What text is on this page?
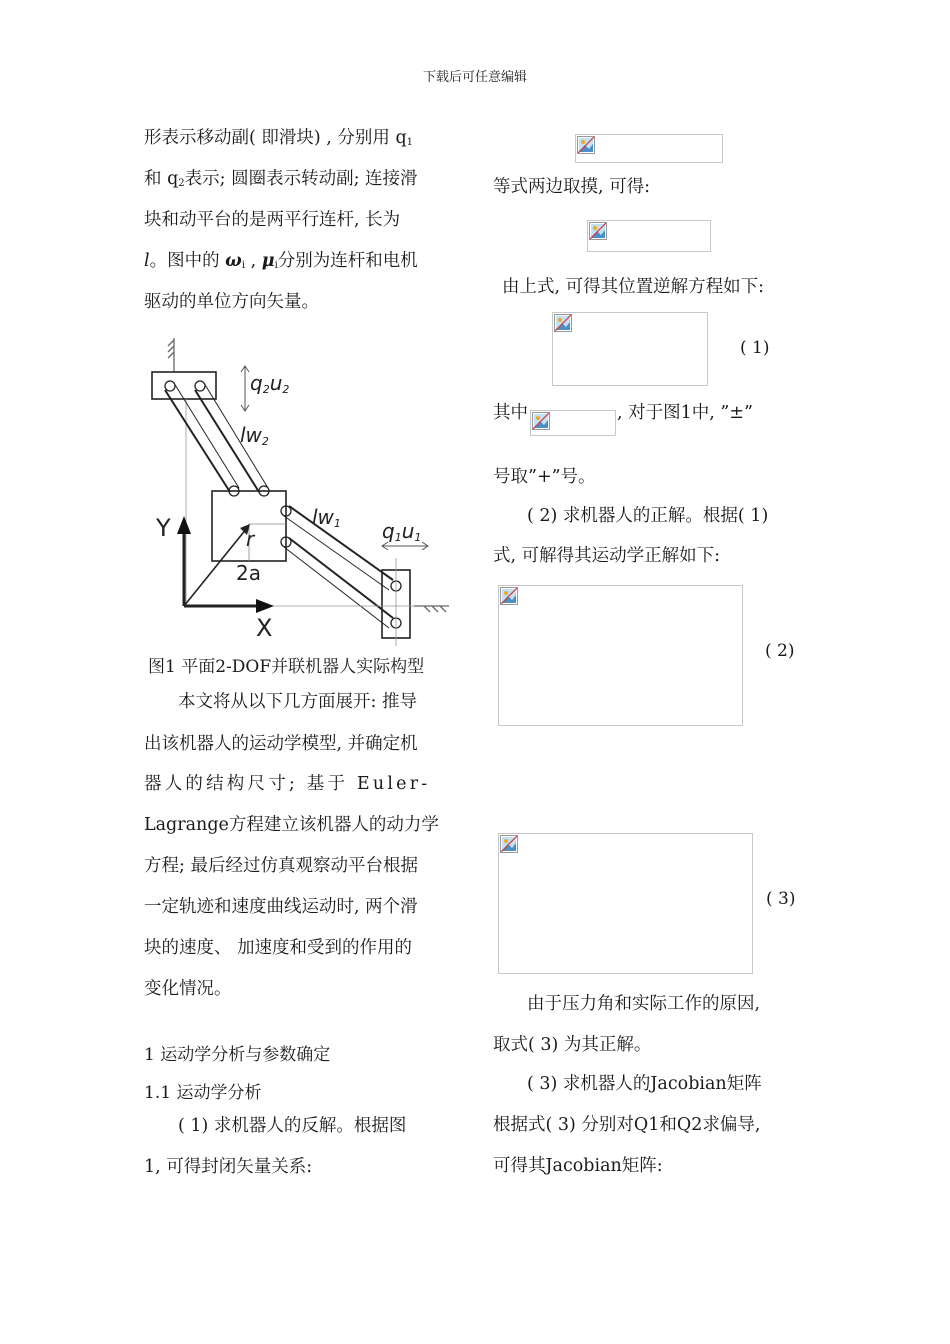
下载后可任意编辑
形表示移动副( 即滑块) , 分别用 $q_1$
和 $q_2$表示; 圆圈表示转动副; 连接滑
块和动平台的是两平行连杆, 长为
l。图中的 $\omega_i$ , $\mu_i$分别为连杆和电机
驱动的单位方向矢量。
q2u2
lw2
lw1 q1u1
Y
X
r
2a
图1 平面2-DOF并联机器人实际构型
本文将从以下几方面展开: 推导
出该机器人的运动学模型, 并确定机
器人的结构尺寸; 基于 Euler-
Lagrange方程建立该机器人的动力学
方程; 最后经过仿真观察动平台根据
一定轨迹和速度曲线运动时, 两个滑
块的速度、 加速度和受到的作用的
变化情况。
1 运动学分析与参数确定
1.1 运动学分析
( 1) 求机器人的反解。根据图
1, 可得封闭矢量关系:
等式两边取摸, 可得:
由上式, 可得其位置逆解方程如下:
( 1)
其中	, 对于图1中, ”±”
号取”+”号。
( 2) 求机器人的正解。根据( 1)
式, 可解得其运动学正解如下:
( 2)
( 3)
由于压力角和实际工作的原因,
取式( 3) 为其正解。
( 3) 求机器人的Jacobian矩阵
根据式( 3) 分别对Q1和Q2求偏导,
可得其Jacobian矩阵:
